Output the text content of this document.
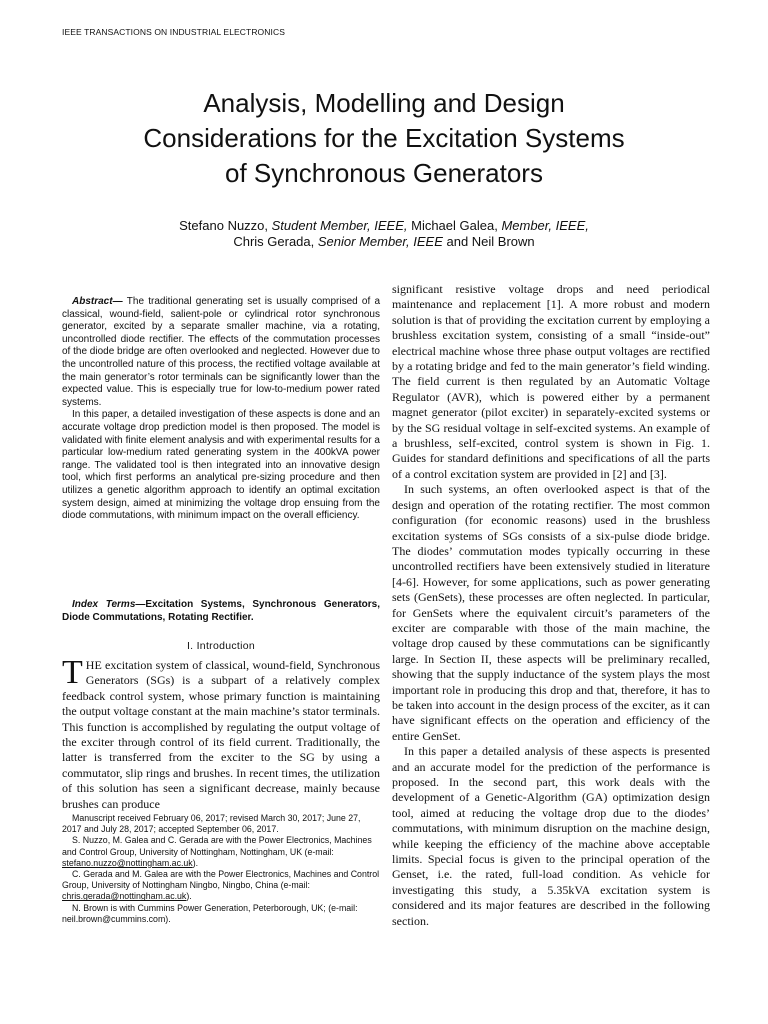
IEEE TRANSACTIONS ON INDUSTRIAL ELECTRONICS
Analysis, Modelling and Design
Considerations for the Excitation Systems
of Synchronous Generators
Stefano Nuzzo, Student Member, IEEE, Michael Galea, Member, IEEE,
Chris Gerada, Senior Member, IEEE and Neil Brown

Abstract— The traditional generating set is usually comprised of a classical, wound-field, salient-pole or cylindrical rotor synchronous generator, excited by a separate smaller machine, via a rotating, uncontrolled diode rectifier. The effects of the commutation processes of the diode bridge are often overlooked and neglected. However due to the uncontrolled nature of this process, the rectified voltage available at the main generator’s rotor terminals can be significantly lower than the expected value. This is especially true for low-to-medium power rated systems.

In this paper, a detailed investigation of these aspects is done and an accurate voltage drop prediction model is then proposed. The model is validated with finite element analysis and with experimental results for a particular low-medium rated generating system in the 400kVA power range. The validated tool is then integrated into an innovative design tool, which first performs an analytical pre-sizing procedure and then utilizes a genetic algorithm approach to identify an optimal excitation system design, aimed at minimizing the voltage drop ensuing from the diode commutations, with minimum impact on the overall efficiency.

Index Terms—Excitation Systems, Synchronous Generators, Diode Commutations, Rotating Rectifier.
I. Introduction

THE excitation system of classical, wound-field, Synchronous Generators (SGs) is a subpart of a relatively complex feedback control system, whose primary function is maintaining the output voltage constant at the main machine’s stator terminals. This function is accomplished by regulating the output voltage of the exciter through control of its field current. Traditionally, the latter is transferred from the exciter to the SG by using a commutator, slip rings and brushes. In recent times, the utilization of this solution has seen a significant decrease, mainly because brushes can produce

Manuscript received February 06, 2017; revised March 30, 2017; June 27, 2017 and July 28, 2017; accepted September 06, 2017.

S. Nuzzo, M. Galea and C. Gerada are with the Power Electronics, Machines and Control Group, University of Nottingham, Nottingham, UK (e-mail: stefano.nuzzo@nottingham.ac.uk).

C. Gerada and M. Galea are with the Power Electronics, Machines and Control Group, University of Nottingham Ningbo, Ningbo, China (e-mail: chris.gerada@nottingham.ac.uk).

N. Brown is with Cummins Power Generation, Peterborough, UK; (e-mail: neil.brown@cummins.com).

significant resistive voltage drops and need periodical maintenance and replacement [1]. A more robust and modern solution is that of providing the excitation current by employing a brushless excitation system, consisting of a small “inside-out” electrical machine whose three phase output voltages are rectified by a rotating bridge and fed to the main generator’s field winding. The field current is then regulated by an Automatic Voltage Regulator (AVR), which is powered either by a permanent magnet generator (pilot exciter) in separately-excited systems or by the SG residual voltage in self-excited systems. An example of a brushless, self-excited, control system is shown in Fig. 1. Guides for standard definitions and specifications of all the parts of a control excitation system are provided in [2] and [3].

In such systems, an often overlooked aspect is that of the design and operation of the rotating rectifier. The most common configuration (for economic reasons) used in the brushless excitation systems of SGs consists of a six-pulse diode bridge. The diodes’ commutation modes typically occurring in these uncontrolled rectifiers have been extensively studied in literature [4-6]. However, for some applications, such as power generating sets (GenSets), these processes are often neglected. In particular, for GenSets where the equivalent circuit’s parameters of the exciter are comparable with those of the main machine, the voltage drop caused by these commutations can be significantly large. In Section II, these aspects will be preliminary recalled, showing that the supply inductance of the system plays the most important role in producing this drop and that, therefore, it has to be taken into account in the design process of the exciter, as it can have significant effects on the operation and efficiency of the entire GenSet.

In this paper a detailed analysis of these aspects is presented and an accurate model for the prediction of the performance is proposed. In the second part, this work deals with the development of a Genetic-Algorithm (GA) optimization design tool, aimed at reducing the voltage drop due to the diodes’ commutations, with minimum disruption on the machine design, while keeping the efficiency of the machine above acceptable limits. Special focus is given to the principal operation of the Genset, i.e. the rated, full-load condition. As vehicle for investigating this study, a 5.35kVA excitation system is considered and its major features are described in the following section.
